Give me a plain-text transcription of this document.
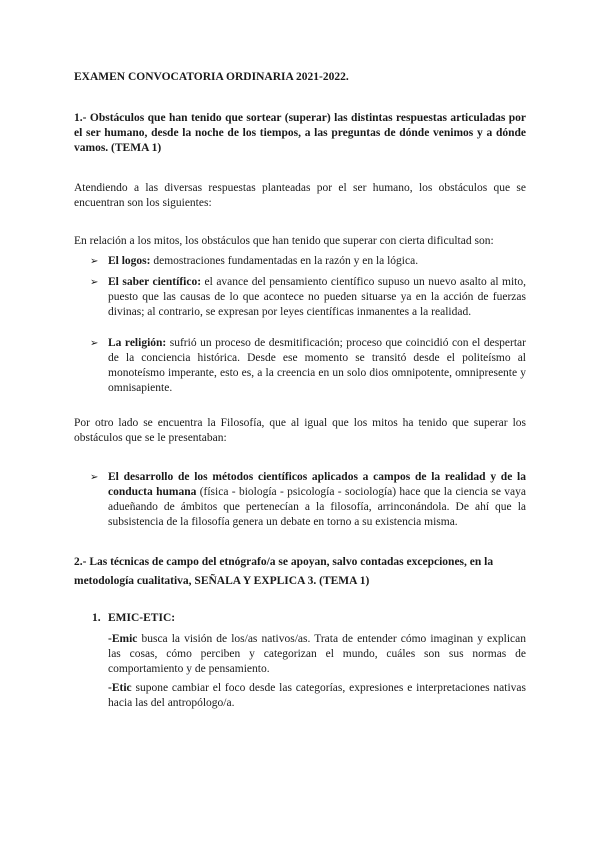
EXAMEN CONVOCATORIA ORDINARIA 2021-2022.
1.- Obstáculos que han tenido que sortear (superar) las distintas respuestas articuladas por el ser humano, desde la noche de los tiempos, a las preguntas de dónde venimos y a dónde vamos. (TEMA 1)
Atendiendo a las diversas respuestas planteadas por el ser humano, los obstáculos que se encuentran son los siguientes:
En relación a los mitos, los obstáculos que han tenido que superar con cierta dificultad son:
➢ El logos: demostraciones fundamentadas en la razón y en la lógica.
➢ El saber científico: el avance del pensamiento científico supuso un nuevo asalto al mito, puesto que las causas de lo que acontece no pueden situarse ya en la acción de fuerzas divinas; al contrario, se expresan por leyes científicas inmanentes a la realidad.
➢ La religión: sufrió un proceso de desmitificación; proceso que coincidió con el despertar de la conciencia histórica. Desde ese momento se transitó desde el politeísmo al monoteísmo imperante, esto es, a la creencia en un solo dios omnipotente, omnipresente y omnisapiente.
Por otro lado se encuentra la Filosofía, que al igual que los mitos ha tenido que superar los obstáculos que se le presentaban:
➢ El desarrollo de los métodos científicos aplicados a campos de la realidad y de la conducta humana (física - biología - psicología - sociología) hace que la ciencia se vaya adueñando de ámbitos que pertenecían a la filosofía, arrinconándola. De ahí que la subsistencia de la filosofía genera un debate en torno a su existencia misma.
2.- Las técnicas de campo del etnógrafo/a se apoyan, salvo contadas excepciones, en la metodología cualitativa, SEÑALA Y EXPLICA 3. (TEMA 1)
1. EMIC-ETIC:
-Emic busca la visión de los/as nativos/as. Trata de entender cómo imaginan y explican las cosas, cómo perciben y categorizan el mundo, cuáles son sus normas de comportamiento y de pensamiento.
-Etic supone cambiar el foco desde las categorías, expresiones e interpretaciones nativas hacia las del antropólogo/a.
